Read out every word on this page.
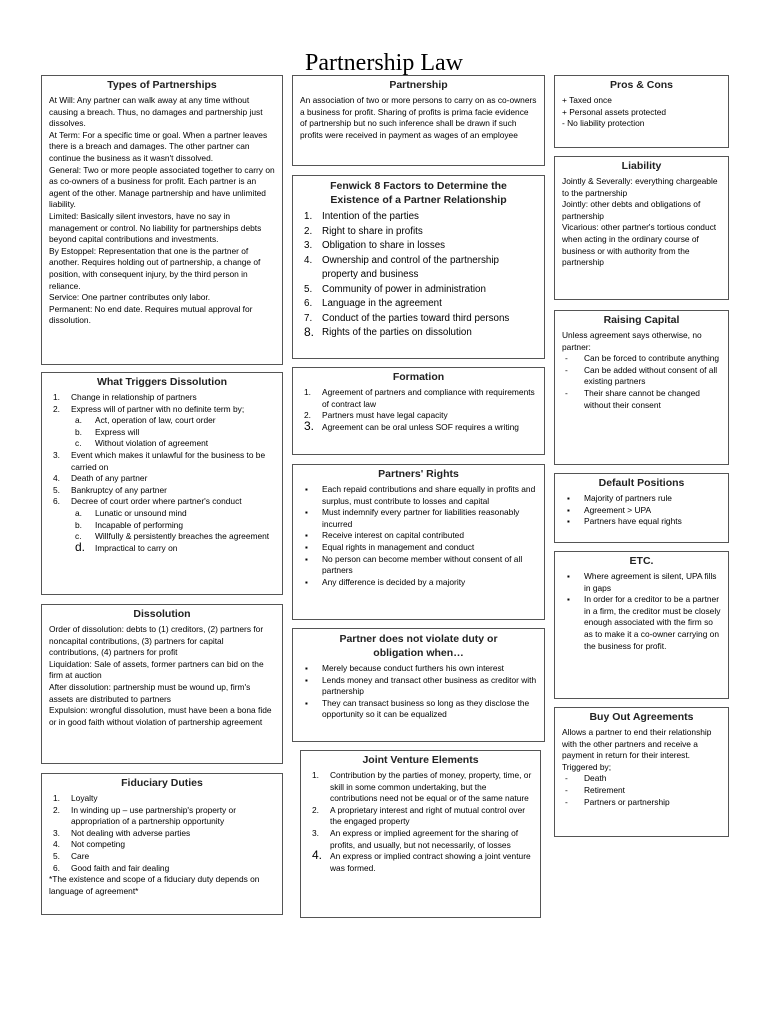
Partnership Law
Types of Partnerships

At Will: Any partner can walk away at any time without causing a breach. Thus, no damages and partnership just dissolves.

At Term: For a specific time or goal. When a partner leaves there is a breach and damages. The other partner can continue the business as it wasn't dissolved.

General: Two or more people associated together to carry on as co-owners of a business for profit. Each partner is an agent of the other. Manage partnership and have unlimited liability.

Limited: Basically silent investors, have no say in management or control. No liability for partnerships debts beyond capital contributions and investments.

By Estoppel: Representation that one is the partner of another. Requires holding out of partnership, a change of position, with consequent injury, by the third person in reliance.

Service: One partner contributes only labor.

Permanent: No end date. Requires mutual approval for dissolution.

What Triggers Dissolution
1. Change in relationship of partners
2. Express will of partner with no definite term by;
a. Act, operation of law, court order
b. Express will
c. Without violation of agreement
3. Event which makes it unlawful for the business to be carried on
4. Death of any partner
5. Bankruptcy of any partner
6. Decree of court order where partner's conduct
a. Lunatic or unsound mind
b. Incapable of performing
c. Willfully & persistently breaches the agreement
d. Impractical to carry on
Dissolution

Order of dissolution: debts to (1) creditors, (2) partners for noncapital contributions, (3) partners for capital contributions, (4) partners for profit

Liquidation: Sale of assets, former partners can bid on the firm at auction

After dissolution: partnership must be wound up, firm's assets are distributed to partners

Expulsion: wrongful dissolution, must have been a bona fide or in good faith without violation of partnership agreement

Fiduciary Duties
1. Loyalty
2. In winding up – use partnership's property or appropriation of a partnership opportunity
3. Not dealing with adverse parties
4. Not competing
5. Care
6. Good faith and fair dealing

*The existence and scope of a fiduciary duty depends on language of agreement*

Partnership

An association of two or more persons to carry on as co-owners a business for profit. Sharing of profits is prima facie evidence of partnership but no such inference shall be drawn if such profits were received in payment as wages of an employee

Fenwick 8 Factors to Determine the Existence of a Partner Relationship
1. Intention of the parties
2. Right to share in profits
3. Obligation to share in losses
4. Ownership and control of the partnership property and business
5. Community of power in administration
6. Language in the agreement
7. Conduct of the parties toward third persons
8. Rights of the parties on dissolution
Formation
1. Agreement of partners and compliance with requirements of contract law
2. Partners must have legal capacity
3. Agreement can be oral unless SOF requires a writing
Partners' Rights
▪ Each repaid contributions and share equally in profits and surplus, must contribute to losses and capital
▪ Must indemnify every partner for liabilities reasonably incurred
▪ Receive interest on capital contributed
▪ Equal rights in management and conduct
▪ No person can become member without consent of all partners
▪ Any difference is decided by a majority
Partner does not violate duty or obligation when…
▪ Merely because conduct furthers his own interest
▪ Lends money and transact other business as creditor with partnership
▪ They can transact business so long as they disclose the opportunity so it can be equalized
Joint Venture Elements
1. Contribution by the parties of money, property, time, or skill in some common undertaking, but the contributions need not be equal or of the same nature
2. A proprietary interest and right of mutual control over the engaged property
3. An express or implied agreement for the sharing of profits, and usually, but not necessarily, of losses
4. An express or implied contract showing a joint venture was formed.
Pros & Cons

+ Taxed once

+ Personal assets protected

- No liability protection

Liability

Jointly & Severally: everything chargeable to the partnership

Jointly: other debts and obligations of partnership

Vicarious: other partner's tortious conduct when acting in the ordinary course of business or with authority from the partnership

Raising Capital

Unless agreement says otherwise, no partner:

- Can be forced to contribute anything
- Can be added without consent of all existing partners
- Their share cannot be changed without their consent
Default Positions
▪ Majority of partners rule
▪ Agreement > UPA
▪ Partners have equal rights
ETC.
▪ Where agreement is silent, UPA fills in gaps
▪ In order for a creditor to be a partner in a firm, the creditor must be closely enough associated with the firm so as to make it a co-owner carrying on the business for profit.
Buy Out Agreements

Allows a partner to end their relationship with the other partners and receive a payment in return for their interest.

Triggered by;

- Death
- Retirement
- Partners or partnership
